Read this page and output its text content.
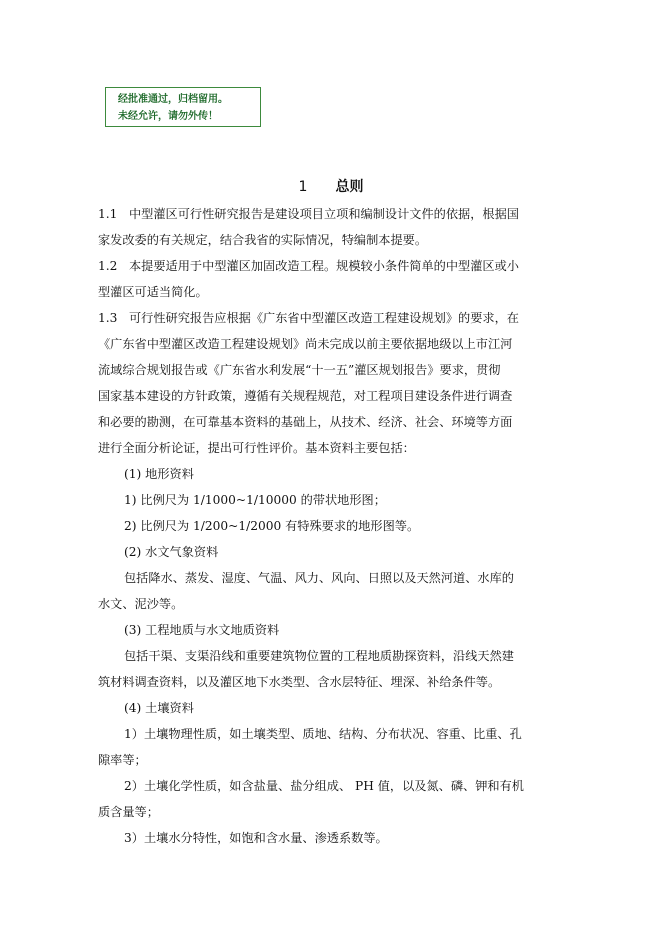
经批准通过，归档留用。
未经允许，请勿外传！
1 总则
1.1 中型灌区可行性研究报告是建设项目立项和编制设计文件的依据，根据国
家发改委的有关规定，结合我省的实际情况，特编制本提要。
1.2 本提要适用于中型灌区加固改造工程。规模较小条件简单的中型灌区或小
型灌区可适当简化。
1.3 可行性研究报告应根据《广东省中型灌区改造工程建设规划》的要求，在
《广东省中型灌区改造工程建设规划》尚未完成以前主要依据地级以上市江河
流域综合规划报告或《广东省水利发展“十一五”灌区规划报告》要求，贯彻
国家基本建设的方针政策，遵循有关规程规范，对工程项目建设条件进行调查
和必要的勘测，在可靠基本资料的基础上，从技术、经济、社会、环境等方面
进行全面分析论证，提出可行性评价。基本资料主要包括：
(1) 地形资料
1) 比例尺为 1/1000~1/10000 的带状地形图；
2) 比例尺为 1/200~1/2000 有特殊要求的地形图等。
(2) 水文气象资料
包括降水、蒸发、湿度、气温、风力、风向、日照以及天然河道、水库的
水文、泥沙等。
(3) 工程地质与水文地质资料
包括干渠、支渠沿线和重要建筑物位置的工程地质勘探资料，沿线天然建
筑材料调查资料，以及灌区地下水类型、含水层特征、埋深、补给条件等。
(4) 土壤资料
1）土壤物理性质，如土壤类型、质地、结构、分布状况、容重、比重、孔
隙率等；
2）土壤化学性质，如含盐量、盐分组成、 PH 值，以及氮、磷、钾和有机
质含量等；
3）土壤水分特性，如饱和含水量、渗透系数等。
